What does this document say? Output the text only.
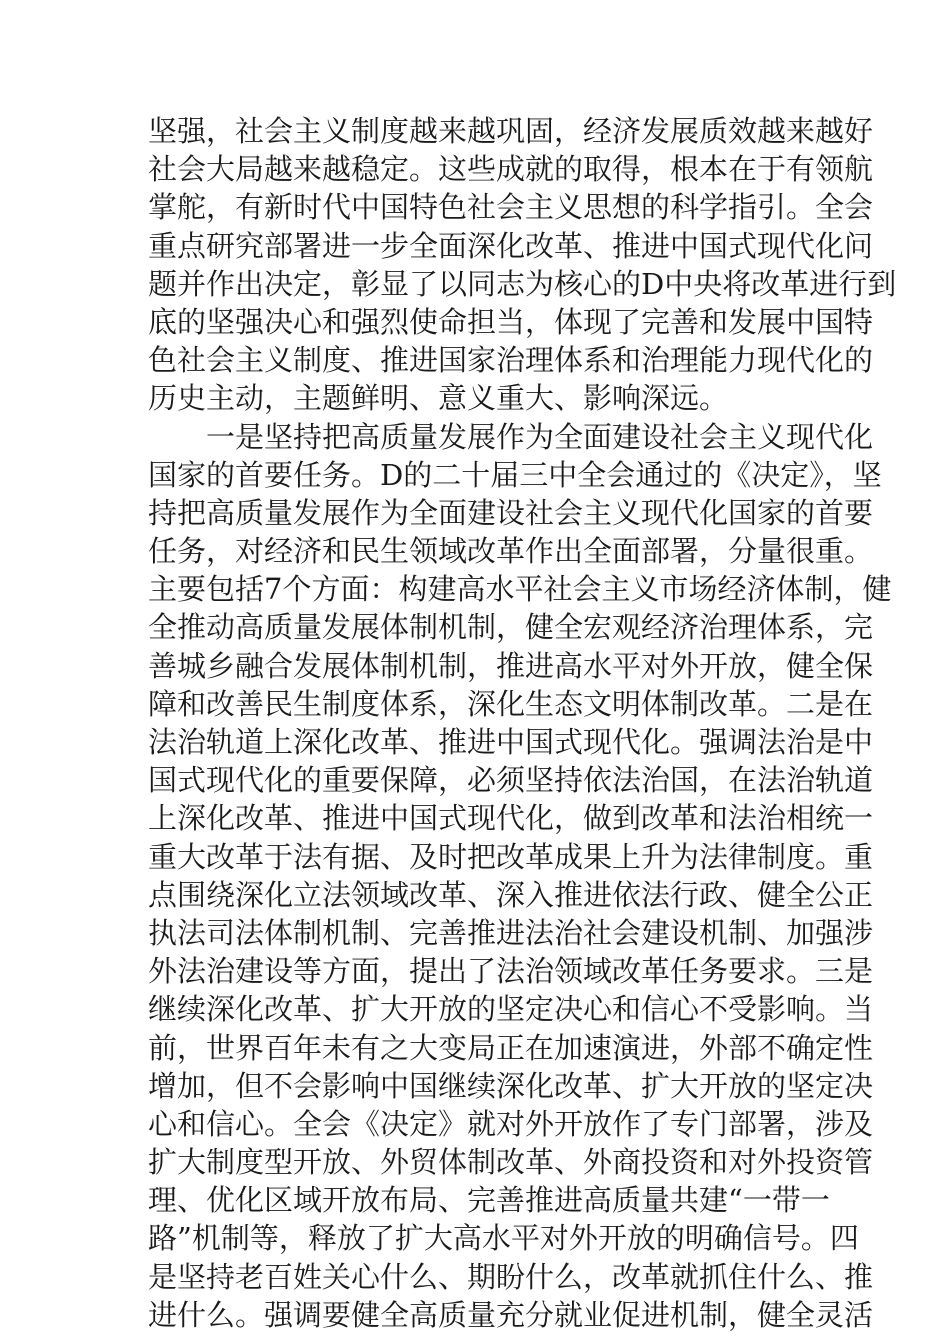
坚强，社会主义制度越来越巩固，经济发展质效越来越好
社会大局越来越稳定。这些成就的取得，根本在于有领航
掌舵，有新时代中国特色社会主义思想的科学指引。全会
重点研究部署进一步全面深化改革、推进中国式现代化问
题并作出决定，彰显了以同志为核心的D中央将改革进行到
底的坚强决心和强烈使命担当，体现了完善和发展中国特
色社会主义制度、推进国家治理体系和治理能力现代化的
历史主动，主题鲜明、意义重大、影响深远。
一是坚持把高质量发展作为全面建设社会主义现代化
国家的首要任务。D的二十届三中全会通过的《决定》，坚
持把高质量发展作为全面建设社会主义现代化国家的首要
任务，对经济和民生领域改革作出全面部署，分量很重。
主要包括7个方面：构建高水平社会主义市场经济体制，健
全推动高质量发展体制机制，健全宏观经济治理体系，完
善城乡融合发展体制机制，推进高水平对外开放，健全保
障和改善民生制度体系，深化生态文明体制改革。二是在
法治轨道上深化改革、推进中国式现代化。强调法治是中
国式现代化的重要保障，必须坚持依法治国，在法治轨道
上深化改革、推进中国式现代化，做到改革和法治相统一
重大改革于法有据、及时把改革成果上升为法律制度。重
点围绕深化立法领域改革、深入推进依法行政、健全公正
执法司法体制机制、完善推进法治社会建设机制、加强涉
外法治建设等方面，提出了法治领域改革任务要求。三是
继续深化改革、扩大开放的坚定决心和信心不受影响。当
前，世界百年未有之大变局正在加速演进，外部不确定性
增加，但不会影响中国继续深化改革、扩大开放的坚定决
心和信心。全会《决定》就对外开放作了专门部署，涉及
扩大制度型开放、外贸体制改革、外商投资和对外投资管
理、优化区域开放布局、完善推进高质量共建“一带一
路”机制等，释放了扩大高水平对外开放的明确信号。四
是坚持老百姓关心什么、期盼什么，改革就抓住什么、推
进什么。强调要健全高质量充分就业促进机制，健全灵活
